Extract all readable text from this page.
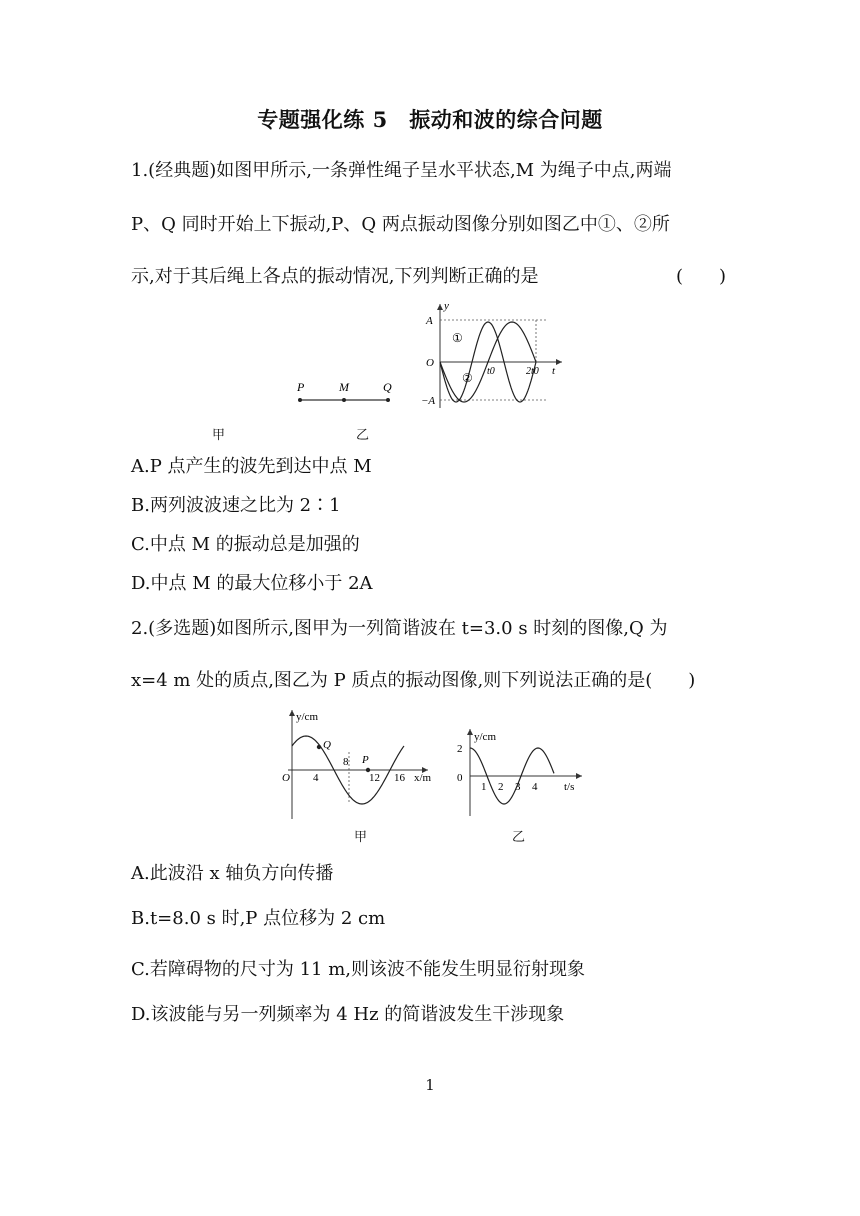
专题强化练 5　振动和波的综合问题
1.(经典题)如图甲所示,一条弹性绳子呈水平状态,M 为绳子中点,两端
P、Q 同时开始上下振动,P、Q 两点振动图像分别如图乙中①、②所
示,对于其后绳上各点的振动情况,下列判断正确的是	(　　)
P	M	Q
甲
y
t
A
O
−A
t0	2t0
①
②
乙
A.P 点产生的波先到达中点 M
B.两列波波速之比为 2∶1
C.中点 M 的振动总是加强的
D.中点 M 的最大位移小于 2A
2.(多选题)如图所示,图甲为一列简谐波在 t=3.0 s 时刻的图像,Q 为
x=4 m 处的质点,图乙为 P 质点的振动图像,则下列说法正确的是(　　)
y/cm
x/m
O 4
8
12 16
Q
P
甲
y/cm
t/s
2
0
1 2 3 4
乙
A.此波沿 x 轴负方向传播
B.t=8.0 s 时,P 点位移为 2 cm
C.若障碍物的尺寸为 11 m,则该波不能发生明显衍射现象
D.该波能与另一列频率为 4 Hz 的简谐波发生干涉现象
1
